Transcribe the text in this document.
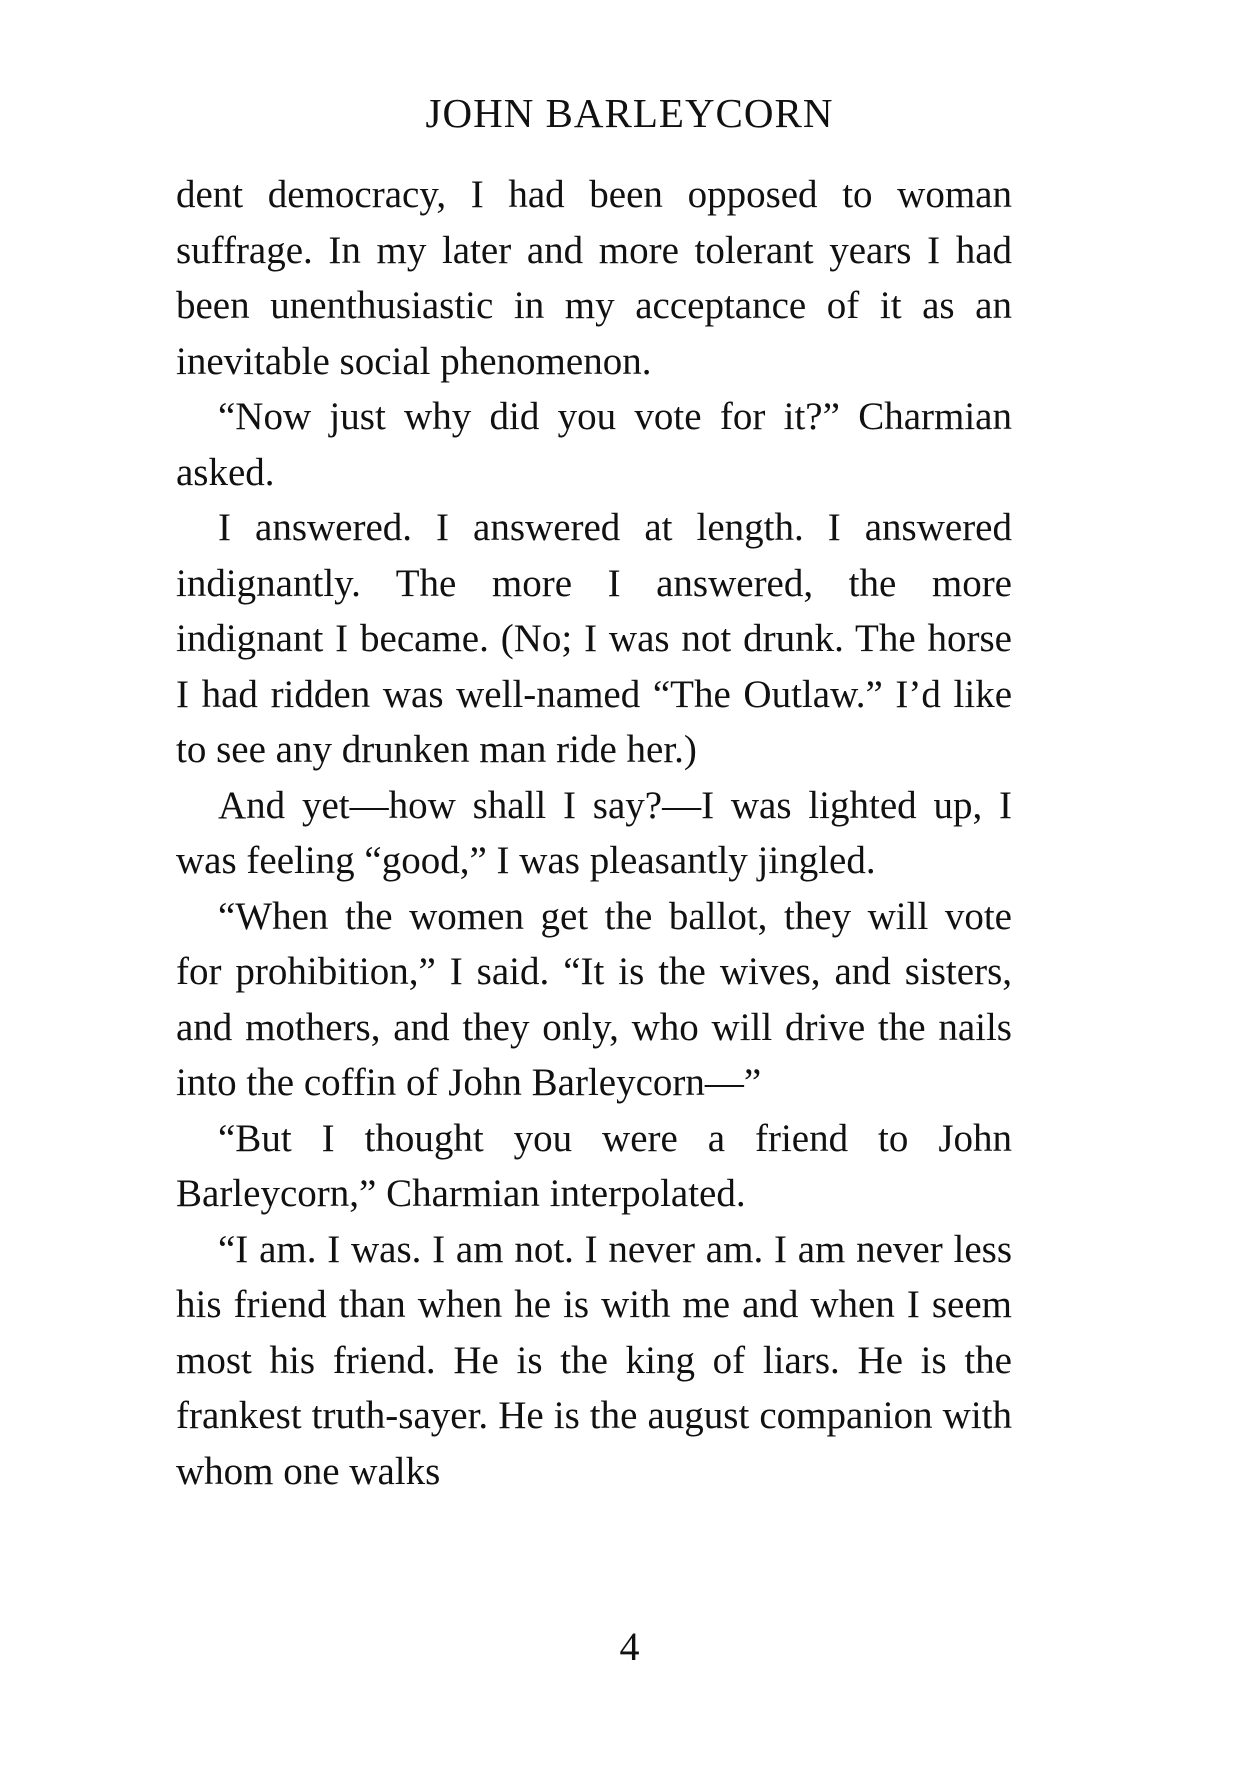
JOHN BARLEYCORN

dent democracy, I had been opposed to woman suffrage. In my later and more tolerant years I had been unenthusiastic in my acceptance of it as an inevitable social phenomenon.

“Now just why did you vote for it?” Charmian asked.

I answered. I answered at length. I answered indignantly. The more I answered, the more indignant I became. (No; I was not drunk. The horse I had ridden was well-named “The Outlaw.” I’d like to see any drunken man ride her.)

And yet—how shall I say?—I was lighted up, I was feeling “good,” I was pleasantly jingled.

“When the women get the ballot, they will vote for prohibition,” I said. “It is the wives, and sisters, and mothers, and they only, who will drive the nails into the coffin of John Barleycorn—”

“But I thought you were a friend to John Barleycorn,” Charmian interpolated.

“I am. I was. I am not. I never am. I am never less his friend than when he is with me and when I seem most his friend. He is the king of liars. He is the frankest truth-sayer. He is the august companion with whom one walks

4
